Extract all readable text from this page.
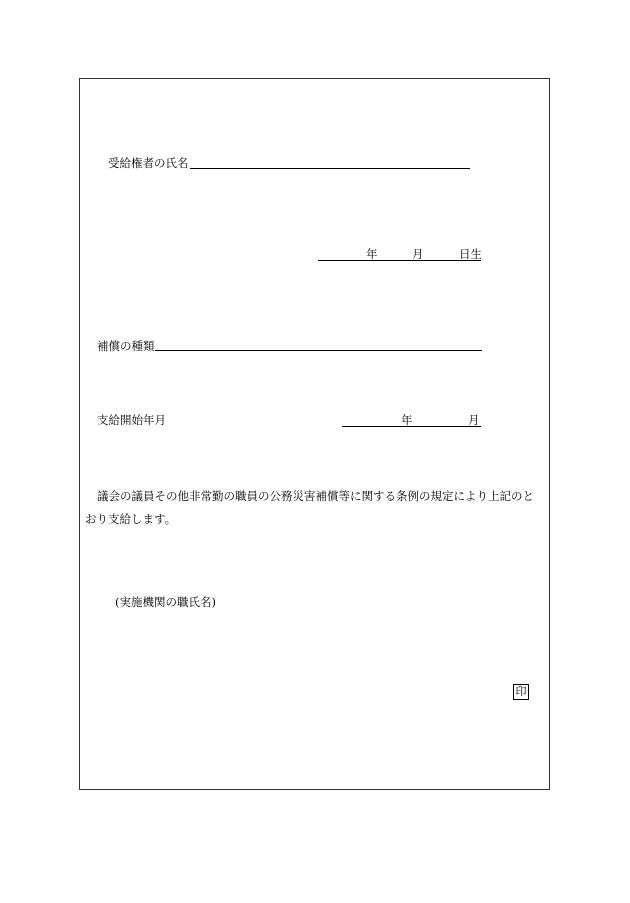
受給権者の氏名
年	月	日生
補償の種類
支給開始年月	年	月
議会の議員その他非常勤の職員の公務災害補償等に関する条例の規定により上記のと
おり支給します。
(実施機関の職氏名)
印
